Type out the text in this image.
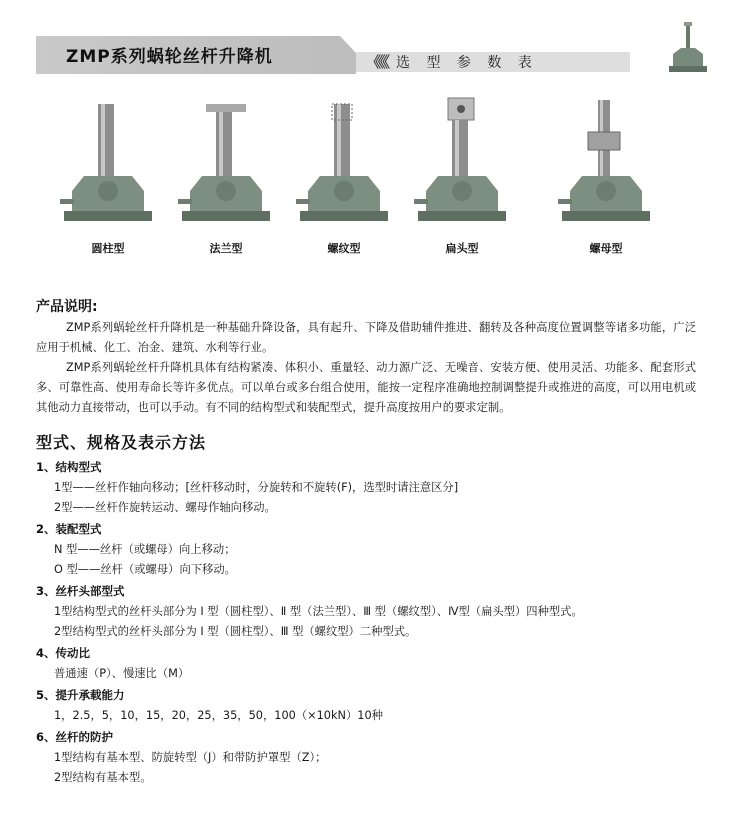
ZMP系列蜗轮丝杆升降机	《《《 选 型 参 数 表
圆柱型	法兰型	螺纹型	扁头型	螺母型
产品说明:
ZMP系列蜗轮丝杆升降机是一种基础升降设备，具有起升、下降及借助辅件推进、翻转及各种高度位置调整等诸多功能，广泛应用于机械、化工、冶金、建筑、水利等行业。
ZMP系列蜗轮丝杆升降机具体有结构紧凑、体积小、重量轻、动力源广泛、无噪音、安装方便、使用灵活、功能多、配套形式多、可靠性高、使用寿命长等许多优点。可以单台或多台组合使用，能按一定程序准确地控制调整提升或推进的高度，可以用电机或其他动力直接带动，也可以手动。有不同的结构型式和装配型式，提升高度按用户的要求定制。
型式、规格及表示方法
1、结构型式
1型——丝杆作轴向移动；[丝杆移动时，分旋转和不旋转(F)，选型时请注意区分]
2型——丝杆作旋转运动、螺母作轴向移动。
2、装配型式
N 型——丝杆（或螺母）向上移动；
O 型——丝杆（或螺母）向下移动。
3、丝杆头部型式
1型结构型式的丝杆头部分为 Ⅰ 型（圆柱型）、Ⅱ 型（法兰型）、Ⅲ 型（螺纹型）、Ⅳ型（扁头型）四种型式。
2型结构型式的丝杆头部分为 Ⅰ 型（圆柱型）、Ⅲ 型（螺纹型）二种型式。
4、传动比
普通速（P）、慢速比（M）
5、提升承载能力
1，2.5，5，10，15，20，25，35，50，100（×10kN）10种
6、丝杆的防护
1型结构有基本型、防旋转型（J）和带防护罩型（Z）；
2型结构有基本型。
